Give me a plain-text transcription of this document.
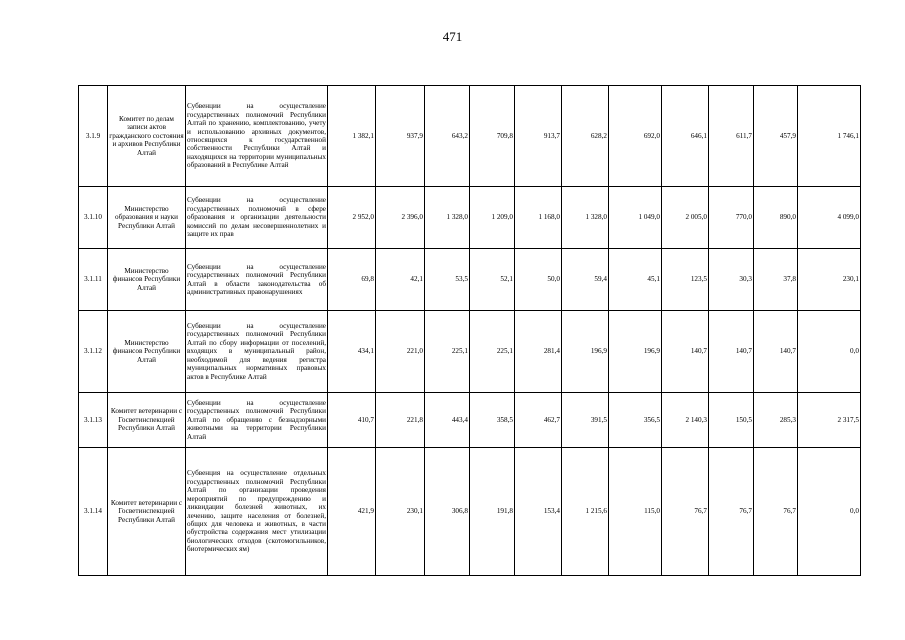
471
3.1.9	Комитет по делам записи актов гражданского состояния и архивов Республики Алтай	Субвенции на осуществление государственных полномочий Республики Алтай по хранению, комплектованию, учету и использованию архивных документов, относящихся к государственной собственности Республики Алтай и находящихся на территории муниципальных образований в Республике Алтай	1 382,1	937,9	643,2	709,8	913,7	628,2	692,0	646,1	611,7	457,9	1 746,1
3.1.10	Министерство образования и науки Республики Алтай	Субвенции на осуществление государственных полномочий в сфере образования и организации деятельности комиссий по делам несовершеннолетних и защите их прав	2 952,0	2 396,0	1 328,0	1 209,0	1 168,0	1 328,0	1 049,0	2 005,0	770,0	890,0	4 099,0
3.1.11	Министерство финансов Республики Алтай	Субвенции на осуществление государственных полномочий Республики Алтай в области законодательства об административных правонарушениях	69,8	42,1	53,5	52,1	50,0	59,4	45,1	123,5	30,3	37,8	230,1
3.1.12	Министерство финансов Республики Алтай	Субвенции на осуществление государственных полномочий Республики Алтай по сбору информации от поселений, входящих в муниципальный район, необходимой для ведения регистра муниципальных нормативных правовых актов в Республике Алтай	434,1	221,0	225,1	225,1	281,4	196,9	196,9	140,7	140,7	140,7	0,0
3.1.13	Комитет ветеринарии с Госветинспекцией Республики Алтай	Субвенции на осуществление государственных полномочий Республики Алтай по обращению с безнадзорными животными на территории Республики Алтай	410,7	221,8	443,4	358,5	462,7	391,5	356,5	2 140,3	150,5	285,3	2 317,5
3.1.14	Комитет ветеринарии с Госветинспекцией Республики Алтай	Субвенция на осуществление отдельных государственных полномочий Республики Алтай по организации проведения мероприятий по предупреждению и ликвидации болезней животных, их лечению, защите населения от болезней, общих для человека и животных, в части обустройства содержания мест утилизации биологических отходов (скотомогильников, биотермических ям)	421,9	230,1	306,8	191,8	153,4	1 215,6	115,0	76,7	76,7	76,7	0,0
